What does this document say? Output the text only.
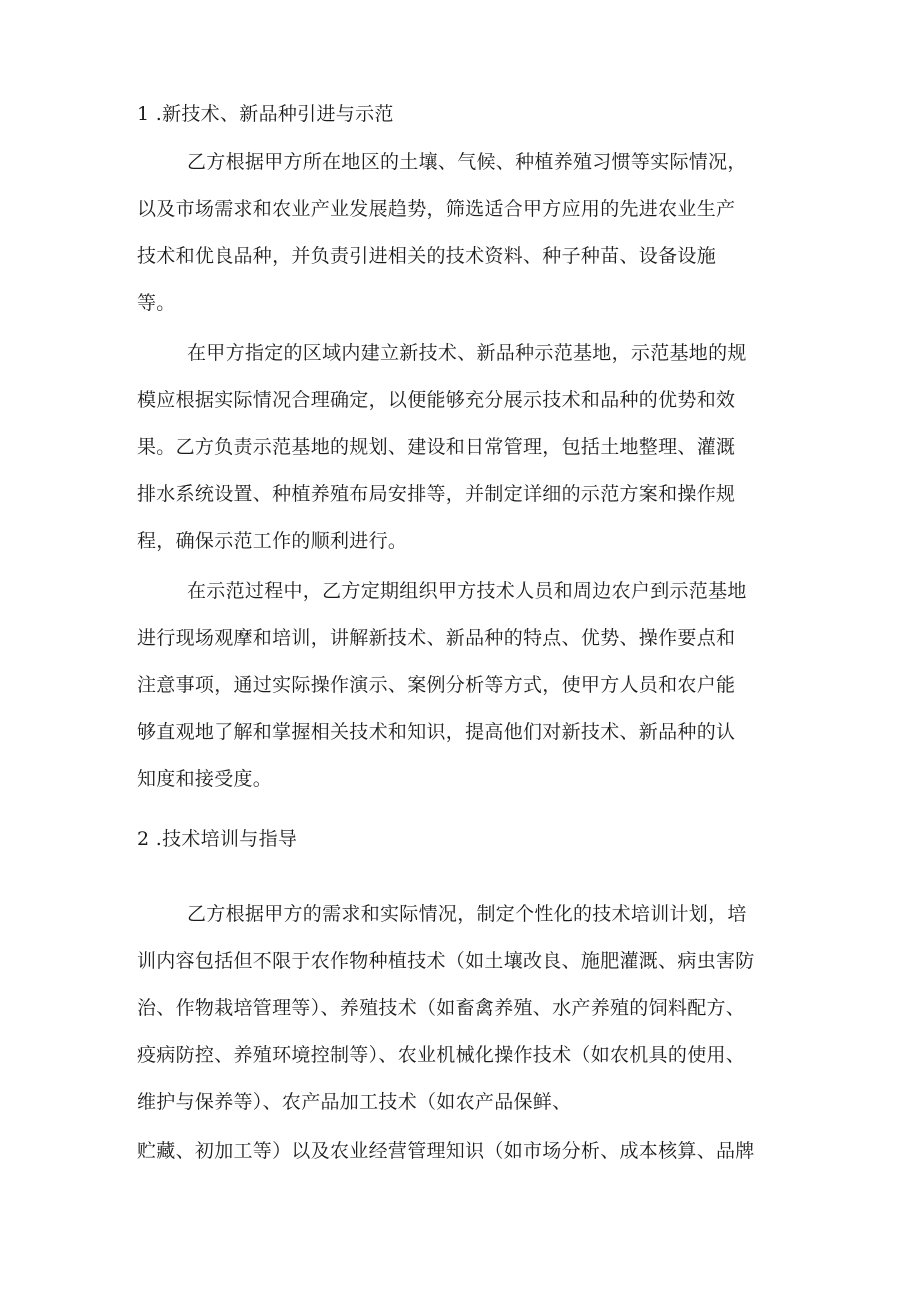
1 .新技术、新品种引进与示范
乙方根据甲方所在地区的土壤、气候、种植养殖习惯等实际情况，
以及市场需求和农业产业发展趋势，筛选适合甲方应用的先进农业生产
技术和优良品种，并负责引进相关的技术资料、种子种苗、设备设施
等。
在甲方指定的区域内建立新技术、新品种示范基地，示范基地的规
模应根据实际情况合理确定，以便能够充分展示技术和品种的优势和效
果。乙方负责示范基地的规划、建设和日常管理，包括土地整理、灌溉
排水系统设置、种植养殖布局安排等，并制定详细的示范方案和操作规
程，确保示范工作的顺利进行。
在示范过程中，乙方定期组织甲方技术人员和周边农户到示范基地
进行现场观摩和培训，讲解新技术、新品种的特点、优势、操作要点和
注意事项，通过实际操作演示、案例分析等方式，使甲方人员和农户能
够直观地了解和掌握相关技术和知识，提高他们对新技术、新品种的认
知度和接受度。
2 .技术培训与指导
乙方根据甲方的需求和实际情况，制定个性化的技术培训计划，培
训内容包括但不限于农作物种植技术（如土壤改良、施肥灌溉、病虫害防
治、作物栽培管理等）、养殖技术（如畜禽养殖、水产养殖的饲料配方、
疫病防控、养殖环境控制等）、农业机械化操作技术（如农机具的使用、
维护与保养等）、农产品加工技术（如农产品保鲜、
贮藏、初加工等）以及农业经营管理知识（如市场分析、成本核算、品牌
